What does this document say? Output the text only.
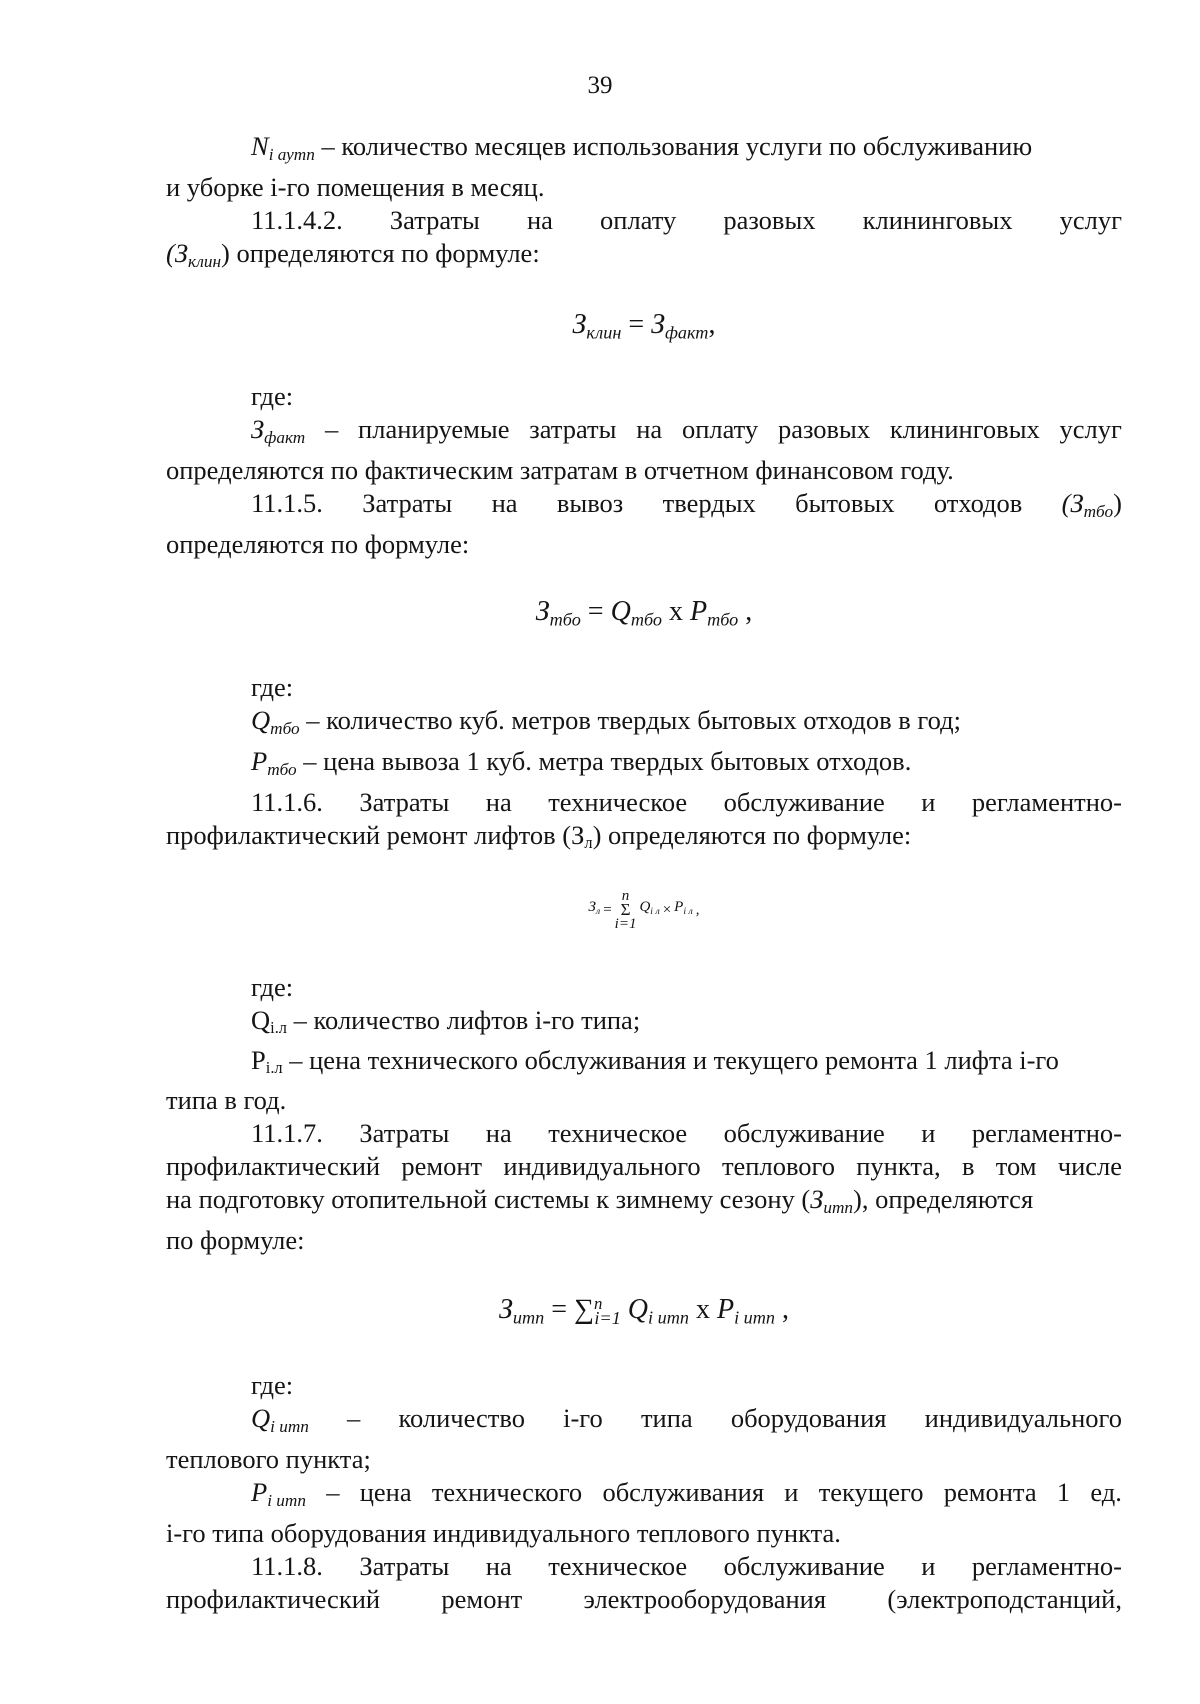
39

$N_{i аутп}$ – количество месяцев использования услуги по обслуживанию

и уборке i-го помещения в месяц.

11.1.4.2. Затраты на оплату разовых клининговых услуг

$(З_{клин})$ определяются по формуле:

$З_{клин} = З_{факт}$,

где:

$З_{факт}$ – планируемые затраты на оплату разовых клининговых услуг

определяются по фактическим затратам в отчетном финансовом году.

11.1.5. Затраты на вывоз твердых бытовых отходов $(З_{тбо})$

определяются по формуле:

$З_{тбо} = Q_{тбо}$ х $P_{тбо}$ ,

где:

$Q_{тбо}$ – количество куб. метров твердых бытовых отходов в год;

$P_{тбо}$ – цена вывоза 1 куб. метра твердых бытовых отходов.

11.1.6. Затраты на техническое обслуживание и регламентно-

профилактический ремонт лифтов (Зл) определяются по формуле:

$З_л$ =
n
Σ
i=1
$Q_{i л} \times P_{i л}$ ,

где:

Qi.л – количество лифтов i-го типа;

Pi.л – цена технического обслуживания и текущего ремонта 1 лифта i-го

типа в год.

11.1.7. Затраты на техническое обслуживание и регламентно-

профилактический ремонт индивидуального теплового пункта, в том числе

на подготовку отопительной системы к зимнему сезону $(З_{итп})$, определяются

по формуле:

$З_{итп} = \sum^n_{i=1}$ $Q_{i итп}$ х $P_{i итп}$ ,

где:

$Q_{i итп}$ – количество i-го типа оборудования индивидуального

теплового пункта;

$P_{i итп}$ – цена технического обслуживания и текущего ремонта 1 ед.

i-го типа оборудования индивидуального теплового пункта.

11.1.8. Затраты на техническое обслуживание и регламентно-
профилактический ремонт электрооборудования (электроподстанций,
